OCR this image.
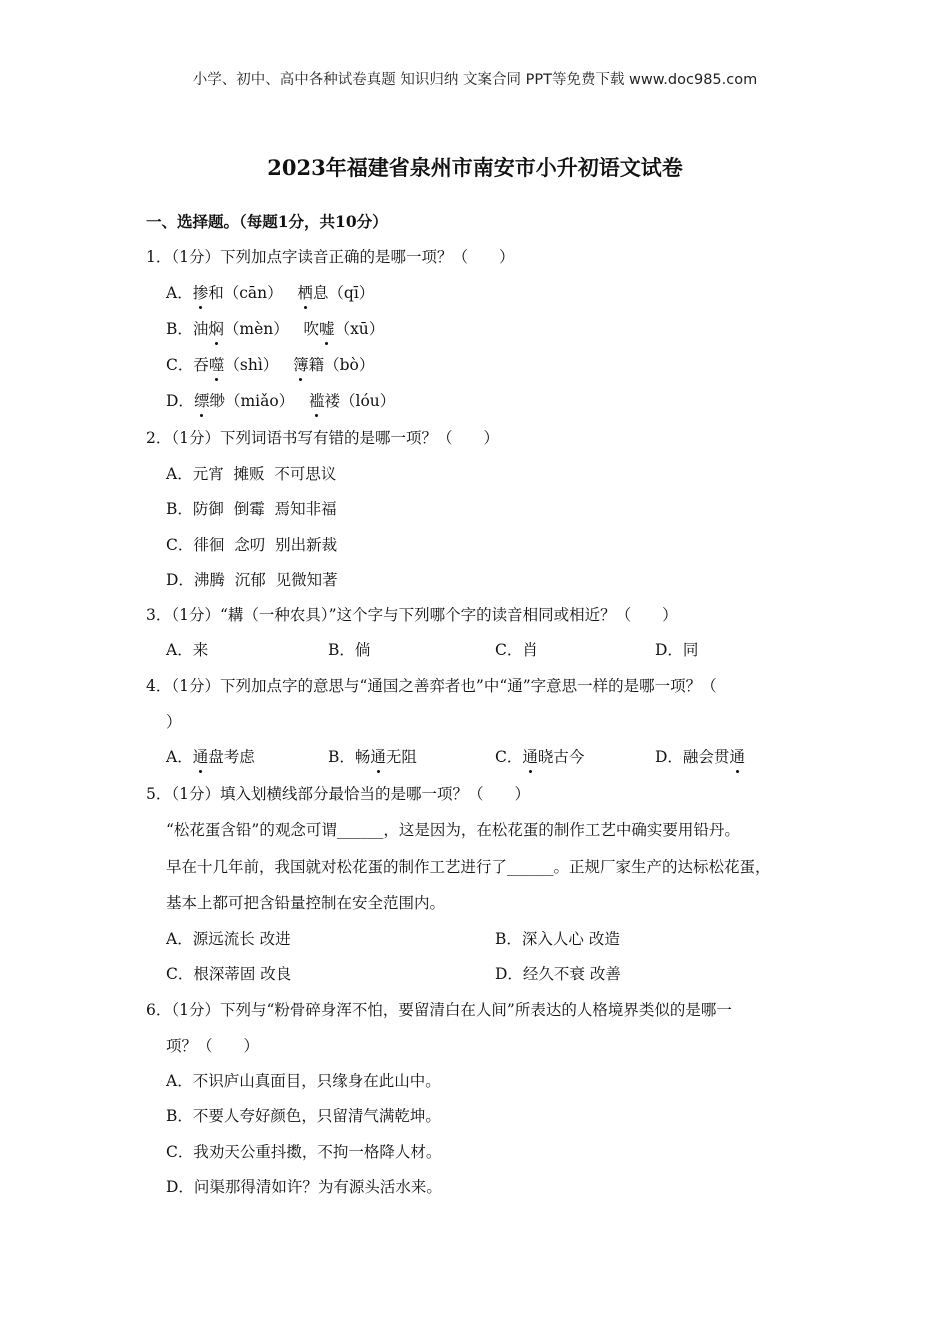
小学、初中、高中各种试卷真题 知识归纳 文案合同 PPT等免费下载 www.doc985.com
2023年福建省泉州市南安市小升初语文试卷
一、选择题。（每题1分，共10分）
1．（1分）下列加点字读音正确的是哪一项？（　　）
A．掺和（cān）   栖息（qī）
B．油焖（mèn）   吹嘘（xū）
C．吞噬（shì）   簿籍（bò）
D．缥缈（miǎo）   褴褛（lóu）
2．（1分）下列词语书写有错的是哪一项？（　　）
A．元宵  摊贩  不可思议
B．防御  倒霉  焉知非福
C．徘徊  念叨  别出新裁
D．沸腾  沉郁  见微知著
3．（1分）“耩（一种农具）”这个字与下列哪个字的读音相同或相近？（　　）
A．来	B．倘	C．肖	D．同
4．（1分）下列加点字的意思与“通国之善弈者也”中“通”字意思一样的是哪一项？（
）
A．通盘考虑	B．畅通无阻	C．通晓古今	D．融会贯通
5．（1分）填入划横线部分最恰当的是哪一项？（　　）
“松花蛋含铅”的观念可谓______，这是因为，在松花蛋的制作工艺中确实要用铅丹。
早在十几年前，我国就对松花蛋的制作工艺进行了______。正规厂家生产的达标松花蛋，
基本上都可把含铅量控制在安全范围内。
A．源远流长 改进	B．深入人心 改造
C．根深蒂固 改良	D．经久不衰 改善
6．（1分）下列与“粉骨碎身浑不怕，要留清白在人间”所表达的人格境界类似的是哪一
项？（　　）
A．不识庐山真面目，只缘身在此山中。
B．不要人夸好颜色，只留清气满乾坤。
C．我劝天公重抖擞，不拘一格降人材。
D．问渠那得清如许？为有源头活水来。
